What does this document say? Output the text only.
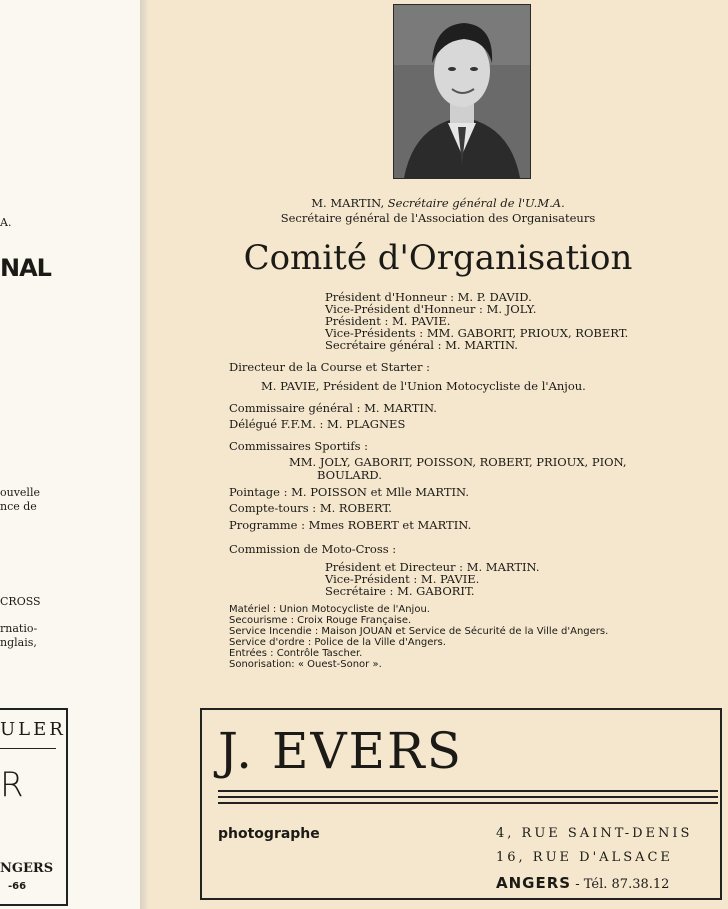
A.
NAL
ouvelle
nce de
CROSS
rnatio-
nglais,
ULER
R
NGERS
-66
M. MARTIN, Secrétaire général de l'U.M.A.
Secrétaire général de l'Association des Organisateurs
Comité d'Organisation
Président d'Honneur : M. P. DAVID.
Vice-Président d'Honneur : M. JOLY.
Président : M. PAVIE.
Vice-Présidents : MM. GABORIT, PRIOUX, ROBERT.
Secrétaire général : M. MARTIN.
Directeur de la Course et Starter :
M. PAVIE, Président de l'Union Motocycliste de l'Anjou.
Commissaire général : M. MARTIN.
Délégué F.F.M. : M. PLAGNES
Commissaires Sportifs :
MM. JOLY, GABORIT, POISSON, ROBERT, PRIOUX, PION,
BOULARD.
Pointage : M. POISSON et Mlle MARTIN.
Compte-tours : M. ROBERT.
Programme : Mmes ROBERT et MARTIN.
Commission de Moto-Cross :
Président et Directeur : M. MARTIN.
Vice-Président : M. PAVIE.
Secrétaire : M. GABORIT.
Matériel : Union Motocycliste de l'Anjou.
Secourisme : Croix Rouge Française.
Service Incendie : Maison JOUAN et Service de Sécurité de la Ville d'Angers.
Service d'ordre : Police de la Ville d'Angers.
Entrées : Contrôle Tascher.
Sonorisation: « Ouest-Sonor ».
J. EVERS
photographe	4, RUE SAINT-DENIS
16, RUE D'ALSACE
ANGERS - Tél. 87.38.12
